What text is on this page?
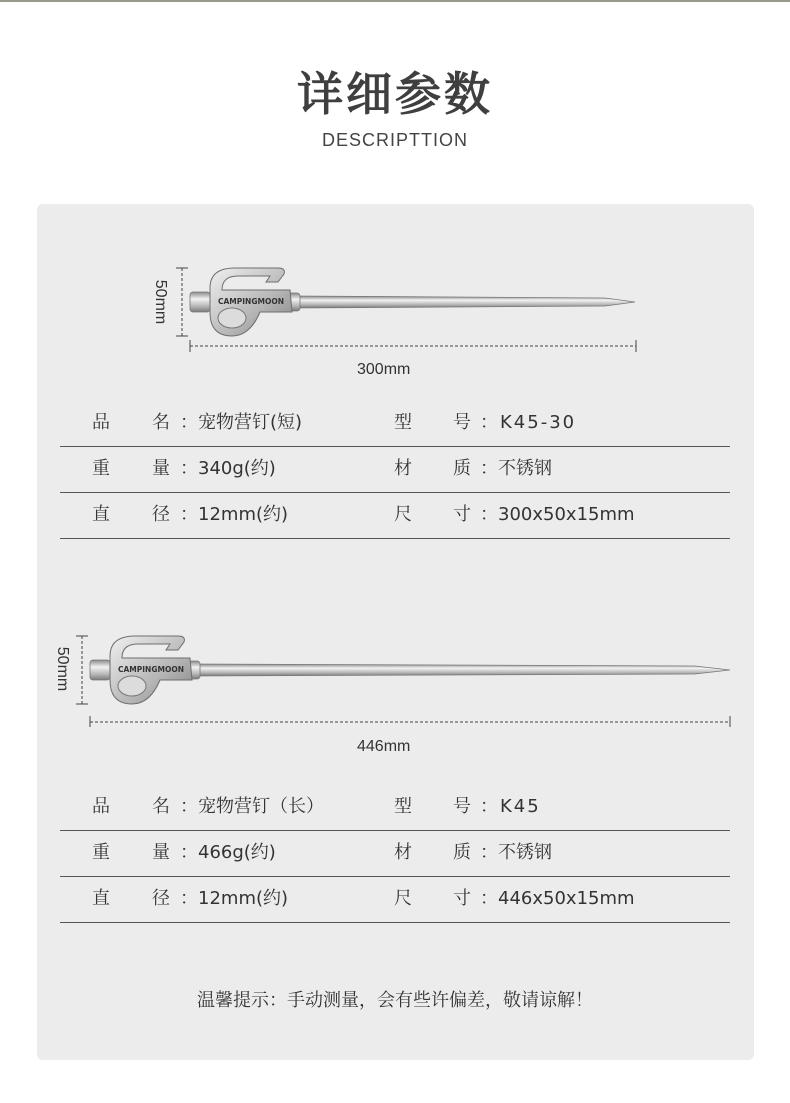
详细参数
DESCRIPTTION
CAMPINGMOON
50mm
300mm
品	名 ：宠物营钉(短)	型	号 ：K45-30
重	量 ：340g(约)	材	质 ：不锈钢
直	径 ：12mm(约)	尺	寸 ：300x50x15mm
CAMPINGMOON
50mm
446mm
品	名 ：宠物营钉（长）	型	号 ：K45
重	量 ：466g(约)	材	质 ：不锈钢
直	径 ：12mm(约)	尺	寸 ：446x50x15mm
温馨提示：手动测量，会有些许偏差，敬请谅解！
